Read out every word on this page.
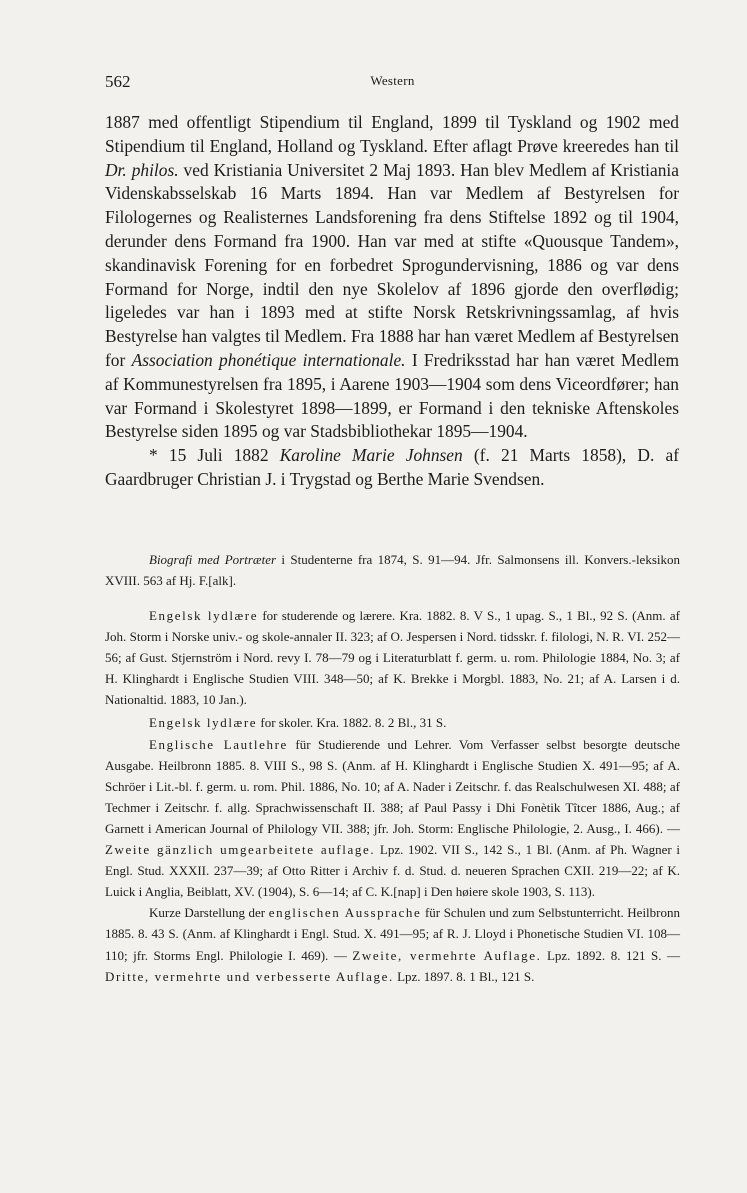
562	Western

1887 med offentligt Stipendium til England, 1899 til Tyskland og 1902 med Stipendium til England, Holland og Tyskland. Efter aflagt Prøve kreeredes han til Dr. philos. ved Kristiania Universitet 2 Maj 1893. Han blev Medlem af Kristiania Videnskabsselskab 16 Marts 1894. Han var Medlem af Bestyrelsen for Filologernes og Realisternes Landsforening fra dens Stiftelse 1892 og til 1904, derunder dens Formand fra 1900. Han var med at stifte «Quousque Tandem», skandinavisk Forening for en forbedret Sprogundervisning, 1886 og var dens Formand for Norge, indtil den nye Skolelov af 1896 gjorde den overflødig; ligeledes var han i 1893 med at stifte Norsk Retskrivningssamlag, af hvis Bestyrelse han valgtes til Medlem. Fra 1888 har han været Medlem af Bestyrelsen for Association phonétique internationale. I Fredriksstad har han været Medlem af Kommunestyrelsen fra 1895, i Aarene 1903—1904 som dens Viceordfører; han var Formand i Skolestyret 1898—1899, er Formand i den tekniske Aftenskoles Bestyrelse siden 1895 og var Stadsbibliothekar 1895—1904.

* 15 Juli 1882 Karoline Marie Johnsen (f. 21 Marts 1858), D. af Gaardbruger Christian J. i Trygstad og Berthe Marie Svendsen.

Biografi med Portræter i Studenterne fra 1874, S. 91—94. Jfr. Salmonsens ill. Konvers.-leksikon XVIII. 563 af Hj. F.[alk].

Engelsk lydlære for studerende og lærere. Kra. 1882. 8. V S., 1 upag. S., 1 Bl., 92 S. (Anm. af Joh. Storm i Norske univ.- og skole-annaler II. 323; af O. Jespersen i Nord. tidsskr. f. filologi, N. R. VI. 252—56; af Gust. Stjernström i Nord. revy I. 78—79 og i Literaturblatt f. germ. u. rom. Philologie 1884, No. 3; af H. Klinghardt i Englische Studien VIII. 348—50; af K. Brekke i Morgbl. 1883, No. 21; af A. Larsen i d. Nationaltid. 1883, 10 Jan.).

Engelsk lydlære for skoler. Kra. 1882. 8. 2 Bl., 31 S.

Englische Lautlehre für Studierende und Lehrer. Vom Verfasser selbst besorgte deutsche Ausgabe. Heilbronn 1885. 8. VIII S., 98 S. (Anm. af H. Klinghardt i Englische Studien X. 491—95; af A. Schröer i Lit.-bl. f. germ. u. rom. Phil. 1886, No. 10; af A. Nader i Zeitschr. f. das Realschulwesen XI. 488; af Techmer i Zeitschr. f. allg. Sprachwissenschaft II. 388; af Paul Passy i Dhi Fonètik Tîtcer 1886, Aug.; af Garnett i American Journal of Philology VII. 388; jfr. Joh. Storm: Englische Philologie, 2. Ausg., I. 466). — Zweite gänzlich umgearbeitete auflage. Lpz. 1902. VII S., 142 S., 1 Bl. (Anm. af Ph. Wagner i Engl. Stud. XXXII. 237—39; af Otto Ritter i Archiv f. d. Stud. d. neueren Sprachen CXII. 219—22; af K. Luick i Anglia, Beiblatt, XV. (1904), S. 6—14; af C. K.[nap] i Den høiere skole 1903, S. 113).

Kurze Darstellung der englischen Aussprache für Schulen und zum Selbstunterricht. Heilbronn 1885. 8. 43 S. (Anm. af Klinghardt i Engl. Stud. X. 491—95; af R. J. Lloyd i Phonetische Studien VI. 108—110; jfr. Storms Engl. Philologie I. 469). — Zweite, vermehrte Auflage. Lpz. 1892. 8. 121 S. — Dritte, vermehrte und verbesserte Auflage. Lpz. 1897. 8. 1 Bl., 121 S.
